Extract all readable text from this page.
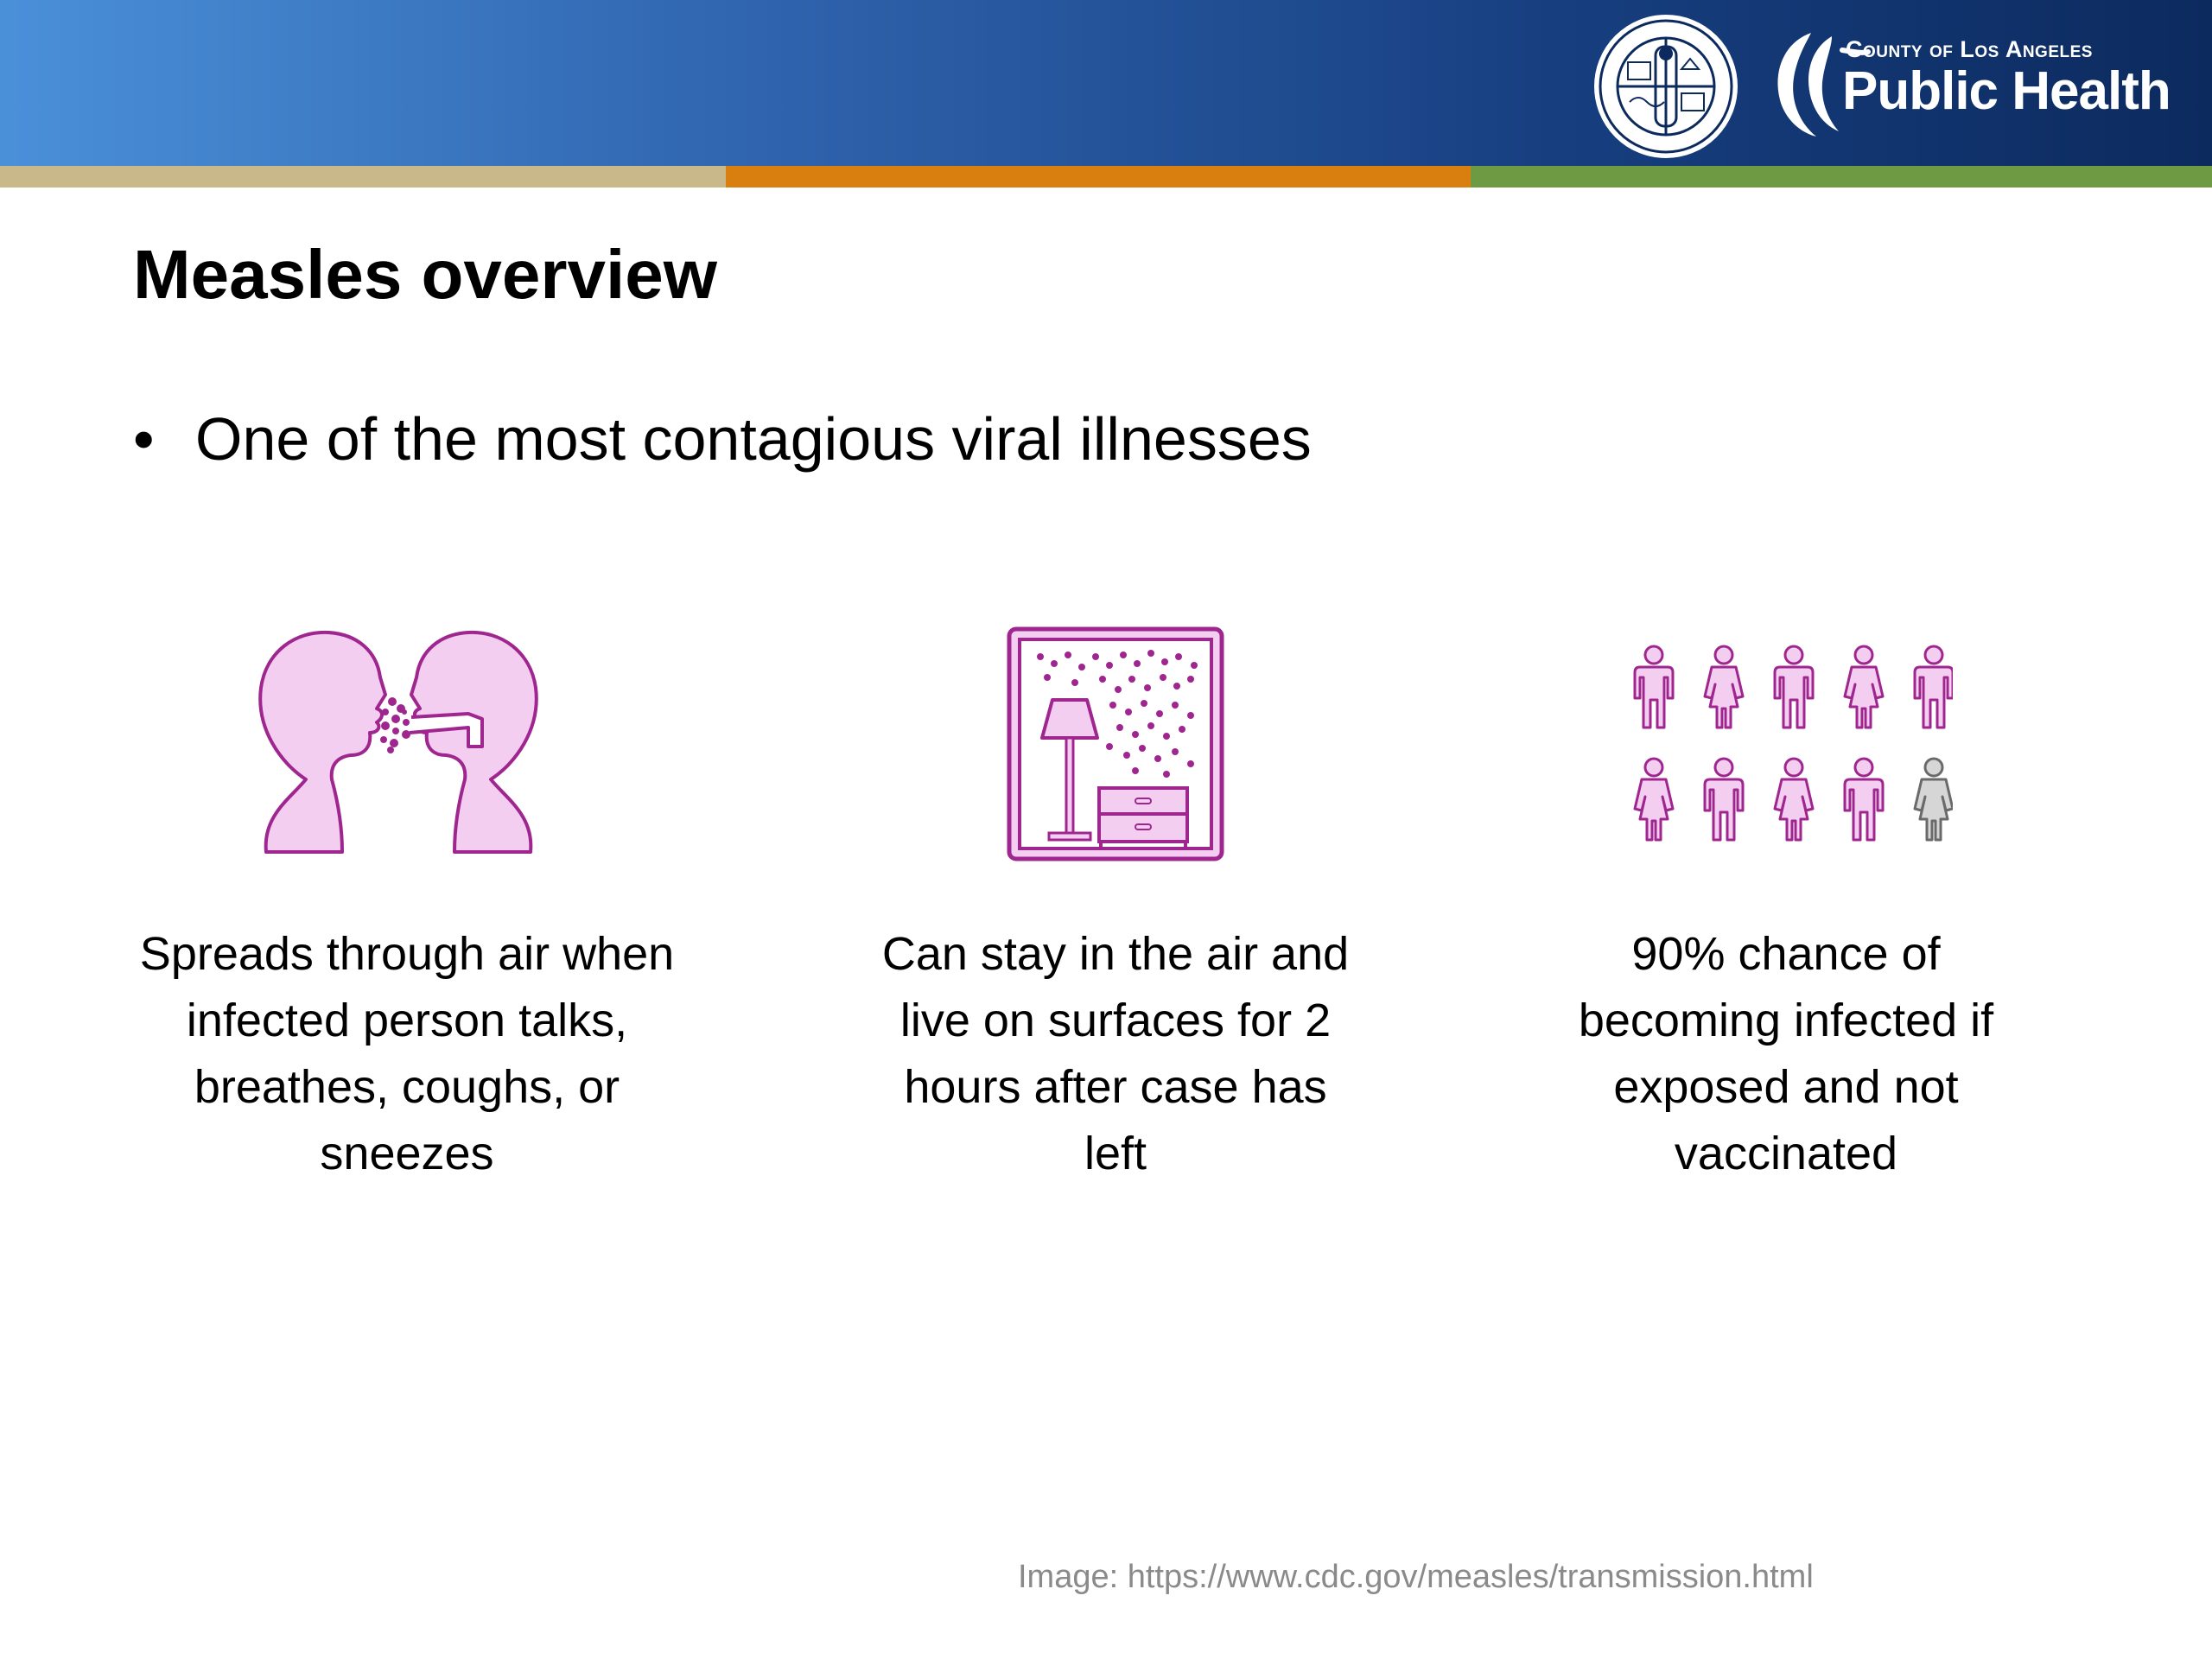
County of Los Angeles
Public Health
Measles overview
• One of the most contagious viral illnesses
Spreads through air when infected person talks, breathes, coughs, or sneezes
Can stay in the air and live on surfaces for 2 hours after case has left
90% chance of becoming infected if exposed and not vaccinated
Image: https://www.cdc.gov/measles/transmission.html
